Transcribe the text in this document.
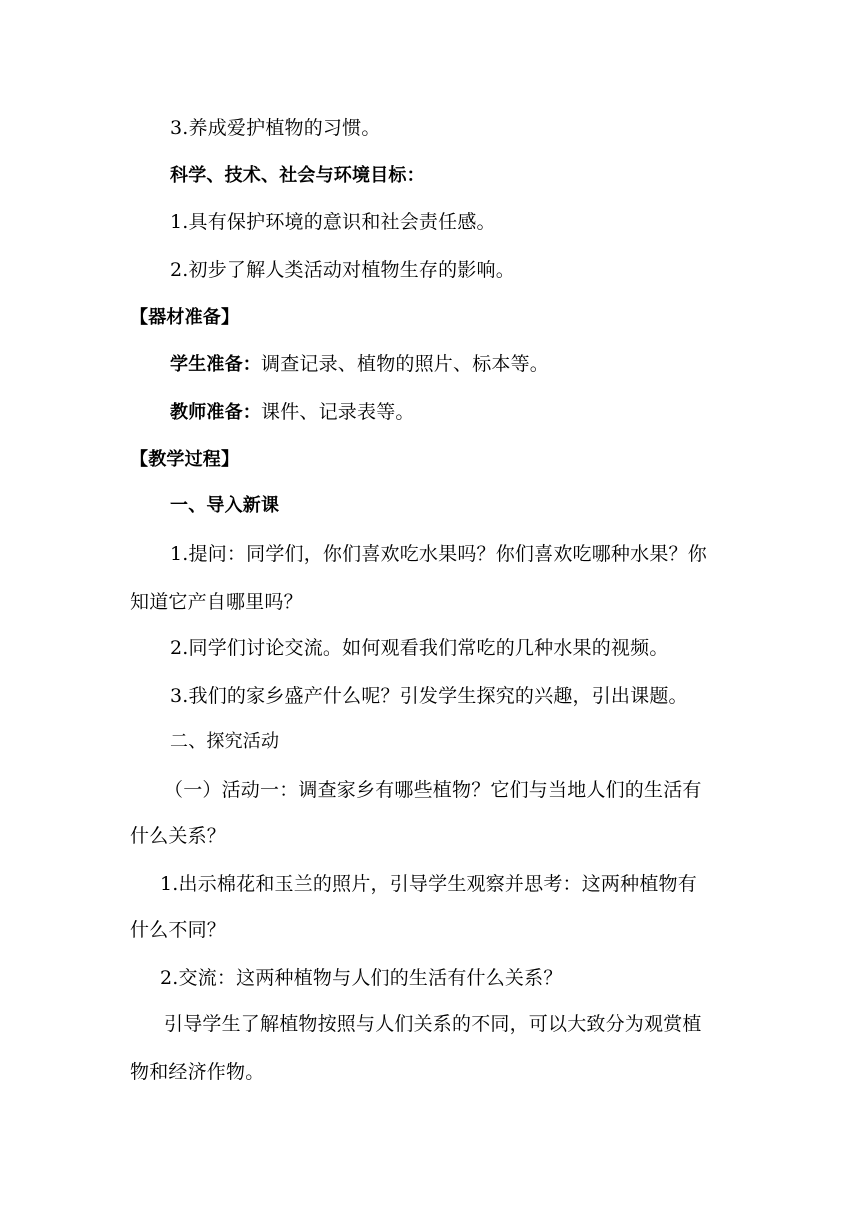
3.养成爱护植物的习惯。
科学、技术、社会与环境目标：
1.具有保护环境的意识和社会责任感。
2.初步了解人类活动对植物生存的影响。
【器材准备】
学生准备：调查记录、植物的照片、标本等。
教师准备：课件、记录表等。
【教学过程】
一、导入新课
1.提问：同学们，你们喜欢吃水果吗？你们喜欢吃哪种水果？你
知道它产自哪里吗？
2.同学们讨论交流。如何观看我们常吃的几种水果的视频。
3.我们的家乡盛产什么呢？引发学生探究的兴趣，引出课题。
二、探究活动
（一）活动一：调查家乡有哪些植物？它们与当地人们的生活有
什么关系？
1.出示棉花和玉兰的照片，引导学生观察并思考：这两种植物有
什么不同？
2.交流：这两种植物与人们的生活有什么关系？
引导学生了解植物按照与人们关系的不同，可以大致分为观赏植
物和经济作物。
